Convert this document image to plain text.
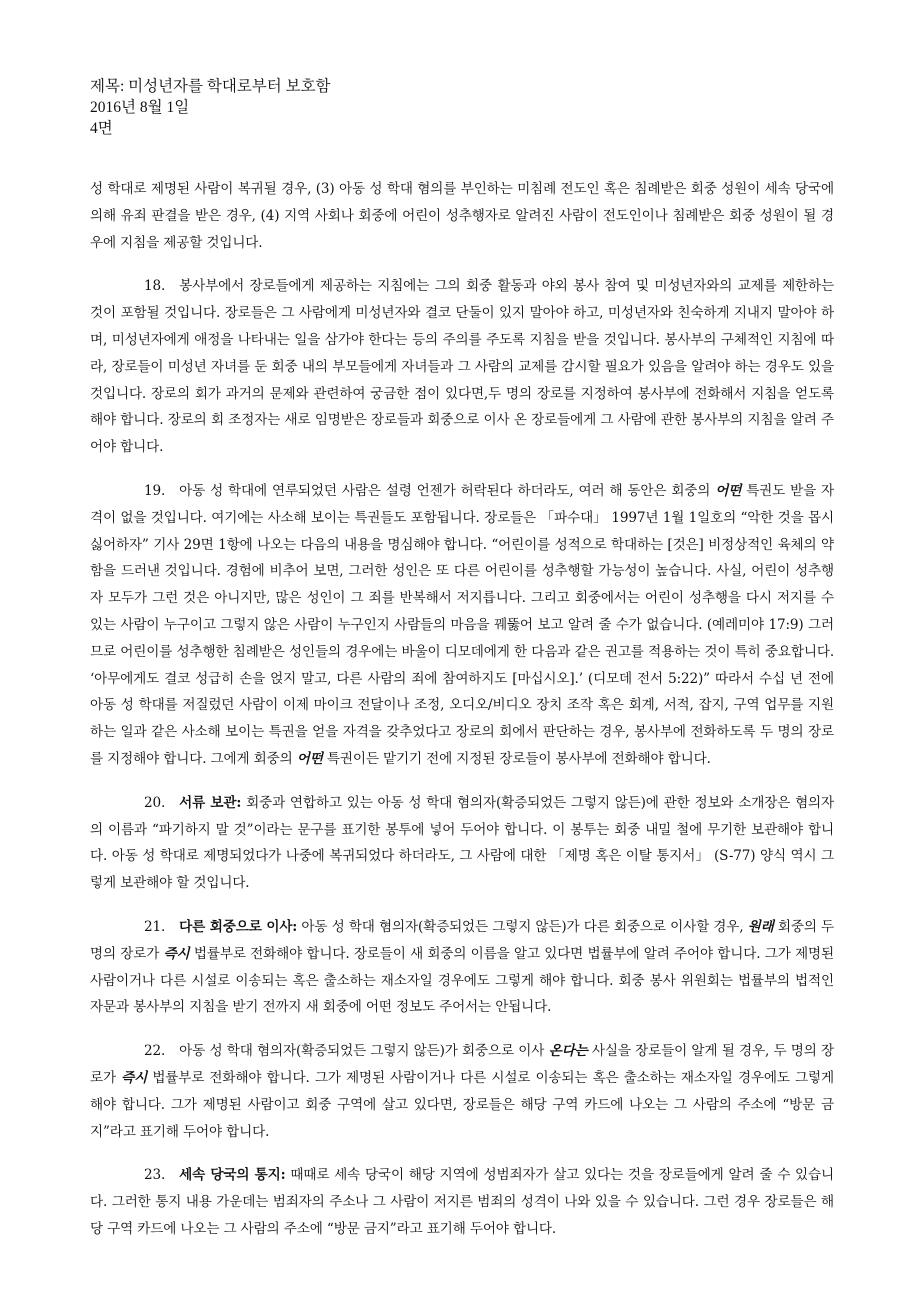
제목: 미성년자를 학대로부터 보호함
2016년 8월 1일
4면

성 학대로 제명된 사람이 복귀될 경우, (3) 아동 성 학대 혐의를 부인하는 미침례 전도인 혹은 침례받은 회중 성원이 세속 당국에 의해 유죄 판결을 받은 경우, (4) 지역 사회나 회중에 어린이 성추행자로 알려진 사람이 전도인이나 침례받은 회중 성원이 될 경우에 지침을 제공할 것입니다.

18. 봉사부에서 장로들에게 제공하는 지침에는 그의 회중 활동과 야외 봉사 참여 및 미성년자와의 교제를 제한하는 것이 포함될 것입니다. 장로들은 그 사람에게 미성년자와 결코 단둘이 있지 말아야 하고, 미성년자와 친숙하게 지내지 말아야 하며, 미성년자에게 애정을 나타내는 일을 삼가야 한다는 등의 주의를 주도록 지침을 받을 것입니다. 봉사부의 구체적인 지침에 따라, 장로들이 미성년 자녀를 둔 회중 내의 부모들에게 자녀들과 그 사람의 교제를 감시할 필요가 있음을 알려야 하는 경우도 있을 것입니다. 장로의 회가 과거의 문제와 관련하여 궁금한 점이 있다면,두 명의 장로를 지정하여 봉사부에 전화해서 지침을 얻도록 해야 합니다. 장로의 회 조정자는 새로 임명받은 장로들과 회중으로 이사 온 장로들에게 그 사람에 관한 봉사부의 지침을 알려 주어야 합니다.

19. 아동 성 학대에 연루되었던 사람은 설령 언젠가 허락된다 하더라도, 여러 해 동안은 회중의 어떤 특권도 받을 자격이 없을 것입니다. 여기에는 사소해 보이는 특권들도 포함됩니다. 장로들은 「파수대」 1997년 1월 1일호의 “악한 것을 몹시 싫어하자” 기사 29면 1항에 나오는 다음의 내용을 명심해야 합니다. “어린이를 성적으로 학대하는 [것은] 비정상적인 육체의 약함을 드러낸 것입니다. 경험에 비추어 보면, 그러한 성인은 또 다른 어린이를 성추행할 가능성이 높습니다. 사실, 어린이 성추행자 모두가 그런 것은 아니지만, 많은 성인이 그 죄를 반복해서 저지릅니다. 그리고 회중에서는 어린이 성추행을 다시 저지를 수 있는 사람이 누구이고 그렇지 않은 사람이 누구인지 사람들의 마음을 꿰뚫어 보고 알려 줄 수가 없습니다. (예레미야 17:9) 그러므로 어린이를 성추행한 침례받은 성인들의 경우에는 바울이 디모데에게 한 다음과 같은 권고를 적용하는 것이 특히 중요합니다. ‘아무에게도 결코 성급히 손을 얹지 말고, 다른 사람의 죄에 참여하지도 [마십시오].’ (디모데 전서 5:22)” 따라서 수십 년 전에 아동 성 학대를 저질렀던 사람이 이제 마이크 전달이나 조정, 오디오/비디오 장치 조작 혹은 회계, 서적, 잡지, 구역 업무를 지원하는 일과 같은 사소해 보이는 특권을 얻을 자격을 갖추었다고 장로의 회에서 판단하는 경우, 봉사부에 전화하도록 두 명의 장로를 지정해야 합니다. 그에게 회중의 어떤 특권이든 맡기기 전에 지정된 장로들이 봉사부에 전화해야 합니다.

20. 서류 보관: 회중과 연합하고 있는 아동 성 학대 혐의자(확증되었든 그렇지 않든)에 관한 정보와 소개장은 혐의자의 이름과 “파기하지 말 것”이라는 문구를 표기한 봉투에 넣어 두어야 합니다. 이 봉투는 회중 내밀 철에 무기한 보관해야 합니다. 아동 성 학대로 제명되었다가 나중에 복귀되었다 하더라도, 그 사람에 대한 「제명 혹은 이탈 통지서」 (S-77) 양식 역시 그렇게 보관해야 할 것입니다.

21. 다른 회중으로 이사: 아동 성 학대 혐의자(확증되었든 그렇지 않든)가 다른 회중으로 이사할 경우, 원래 회중의 두 명의 장로가 즉시 법률부로 전화해야 합니다. 장로들이 새 회중의 이름을 알고 있다면 법률부에 알려 주어야 합니다. 그가 제명된 사람이거나 다른 시설로 이송되는 혹은 출소하는 재소자일 경우에도 그렇게 해야 합니다. 회중 봉사 위원회는 법률부의 법적인 자문과 봉사부의 지침을 받기 전까지 새 회중에 어떤 정보도 주어서는 안됩니다.

22. 아동 성 학대 혐의자(확증되었든 그렇지 않든)가 회중으로 이사 온다는 사실을 장로들이 알게 될 경우, 두 명의 장로가 즉시 법률부로 전화해야 합니다. 그가 제명된 사람이거나 다른 시설로 이송되는 혹은 출소하는 재소자일 경우에도 그렇게 해야 합니다. 그가 제명된 사람이고 회중 구역에 살고 있다면, 장로들은 해당 구역 카드에 나오는 그 사람의 주소에 “방문 금지”라고 표기해 두어야 합니다.

23. 세속 당국의 통지: 때때로 세속 당국이 해당 지역에 성범죄자가 살고 있다는 것을 장로들에게 알려 줄 수 있습니다. 그러한 통지 내용 가운데는 범죄자의 주소나 그 사람이 저지른 범죄의 성격이 나와 있을 수 있습니다. 그런 경우 장로들은 해당 구역 카드에 나오는 그 사람의 주소에 “방문 금지”라고 표기해 두어야 합니다.
